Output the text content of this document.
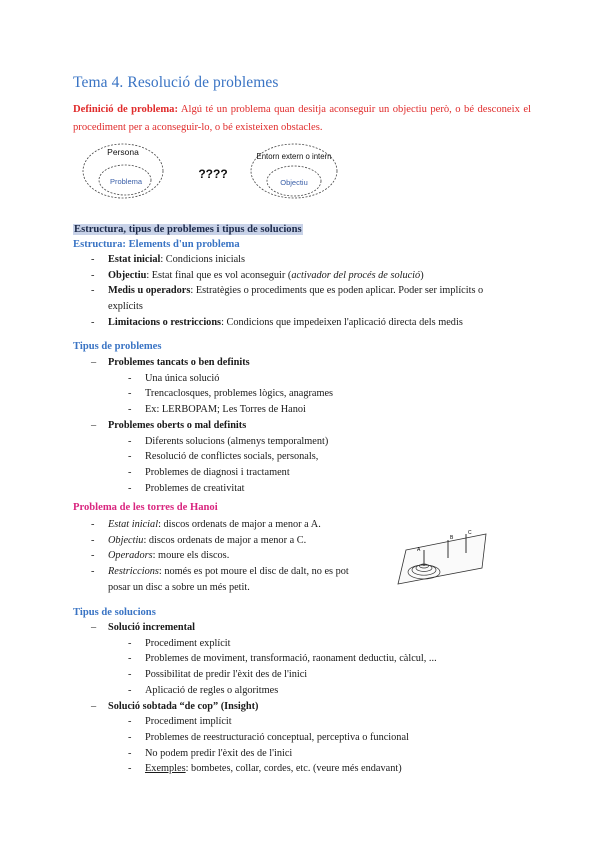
Tema 4. Resolució de problemes
Definició de problema: Algú té un problema quan desitja aconseguir un objectiu però, o bé desconeix el procediment per a aconseguir-lo, o bé existeixen obstacles.
Persona
Problema
????
Entorn extern o intern
Objectiu
Estructura, tipus de problemes i tipus de solucions
Estructura: Elements d'un problema
- Estat inicial: Condicions inicials
- Objectiu: Estat final que es vol aconseguir (activador del procés de solució)
- Medis u operadors: Estratègies o procediments que es poden aplicar. Poder ser implícits o
explícits
- Limitacions o restriccions: Condicions que impedeixen l'aplicació directa dels medis
Tipus de problemes
– Problemes tancats o ben definits
- Una única solució
- Trencaclosques, problemes lògics, anagrames
- Ex: LERBOPAM; Les Torres de Hanoi
– Problemes oberts o mal definits
- Diferents solucions (almenys temporalment)
- Resolució de conflictes socials, personals,
- Problemes de diagnosi i tractament
- Problemes de creativitat
Problema de les torres de Hanoi
- Estat inicial: discos ordenats de major a menor a A.
- Objectiu: discos ordenats de major a menor a C.
- Operadors: moure els discos.
- Restriccions: només es pot moure el disc de dalt, no es pot
posar un disc a sobre un més petit.
A
B
C
Tipus de solucions
– Solució incremental
- Procediment explícit
- Problemes de moviment, transformació, raonament deductiu, càlcul, ...
- Possibilitat de predir l'èxit des de l'inici
- Aplicació de regles o algoritmes
– Solució sobtada “de cop” (Insight)
- Procediment implícit
- Problemes de reestructuració conceptual, perceptiva o funcional
- No podem predir l'èxit des de l'inici
- Exemples: bombetes, collar, cordes, etc. (veure més endavant)
